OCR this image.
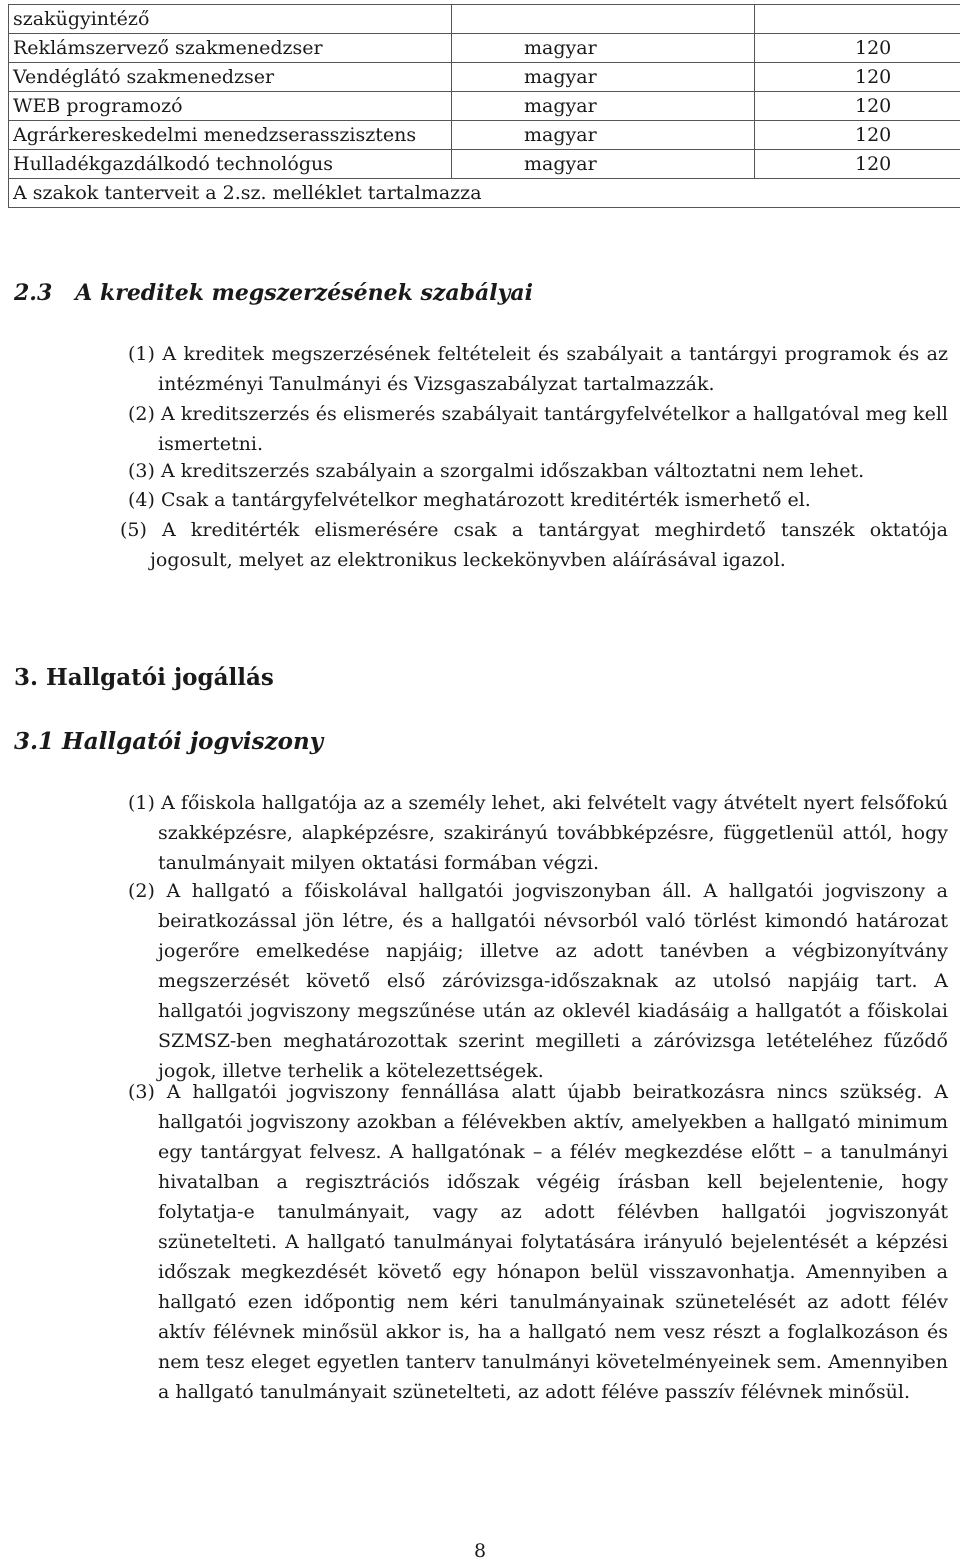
szakügyintéző		
Reklámszervező szakmenedzser	magyar	120
Vendéglátó szakmenedzser	magyar	120
WEB programozó	magyar	120
Agrárkereskedelmi menedzserasszisztens	magyar	120
Hulladékgazdálkodó technológus	magyar	120
A szakok tanterveit a 2.sz. melléklet tartalmazza		
2.3   A kreditek megszerzésének szabályai

(1) A kreditek megszerzésének feltételeit és szabályait a tantárgyi programok és az intézményi Tanulmányi és Vizsgaszabályzat tartalmazzák.

(2) A kreditszerzés és elismerés szabályait tantárgyfelvételkor a hallgatóval meg kell ismertetni.

(3) A kreditszerzés szabályain a szorgalmi időszakban változtatni nem lehet.

(4) Csak a tantárgyfelvételkor meghatározott kreditérték ismerhető el.

(5) A kreditérték elismerésére csak a tantárgyat meghirdető tanszék oktatója jogosult, melyet az elektronikus leckekönyvben aláírásával igazol.

3. Hallgatói jogállás
3.1 Hallgatói jogviszony

(1) A főiskola hallgatója az a személy lehet, aki felvételt vagy átvételt nyert felsőfokú szakképzésre, alapképzésre, szakirányú továbbképzésre, függetlenül attól, hogy tanulmányait milyen oktatási formában végzi.

(2) A hallgató a főiskolával hallgatói jogviszonyban áll. A hallgatói jogviszony a beiratkozással jön létre, és a hallgatói névsorból való törlést kimondó határozat jogerőre emelkedése napjáig; illetve az adott tanévben a végbizonyítvány megszerzését követő első záróvizsga-időszaknak az utolsó napjáig tart. A hallgatói jogviszony megszűnése után az oklevél kiadásáig a hallgatót a főiskolai SZMSZ-ben meghatározottak szerint megilleti a záróvizsga letételéhez fűződő jogok, illetve terhelik a kötelezettségek.

(3) A hallgatói jogviszony fennállása alatt újabb beiratkozásra nincs szükség. A hallgatói jogviszony azokban a félévekben aktív, amelyekben a hallgató minimum egy tantárgyat felvesz. A hallgatónak – a félév megkezdése előtt – a tanulmányi hivatalban a regisztrációs időszak végéig írásban kell bejelentenie, hogy folytatja-e tanulmányait, vagy az adott félévben hallgatói jogviszonyát szünetelteti. A hallgató tanulmányai folytatására irányuló bejelentését a képzési időszak megkezdését követő egy hónapon belül visszavonhatja. Amennyiben a hallgató ezen időpontig nem kéri tanulmányainak szünetelését az adott félév aktív félévnek minősül akkor is, ha a hallgató nem vesz részt a foglalkozáson és nem tesz eleget egyetlen tanterv tanulmányi követelményeinek sem. Amennyiben a hallgató tanulmányait szünetelteti, az adott féléve passzív félévnek minősül.

8
